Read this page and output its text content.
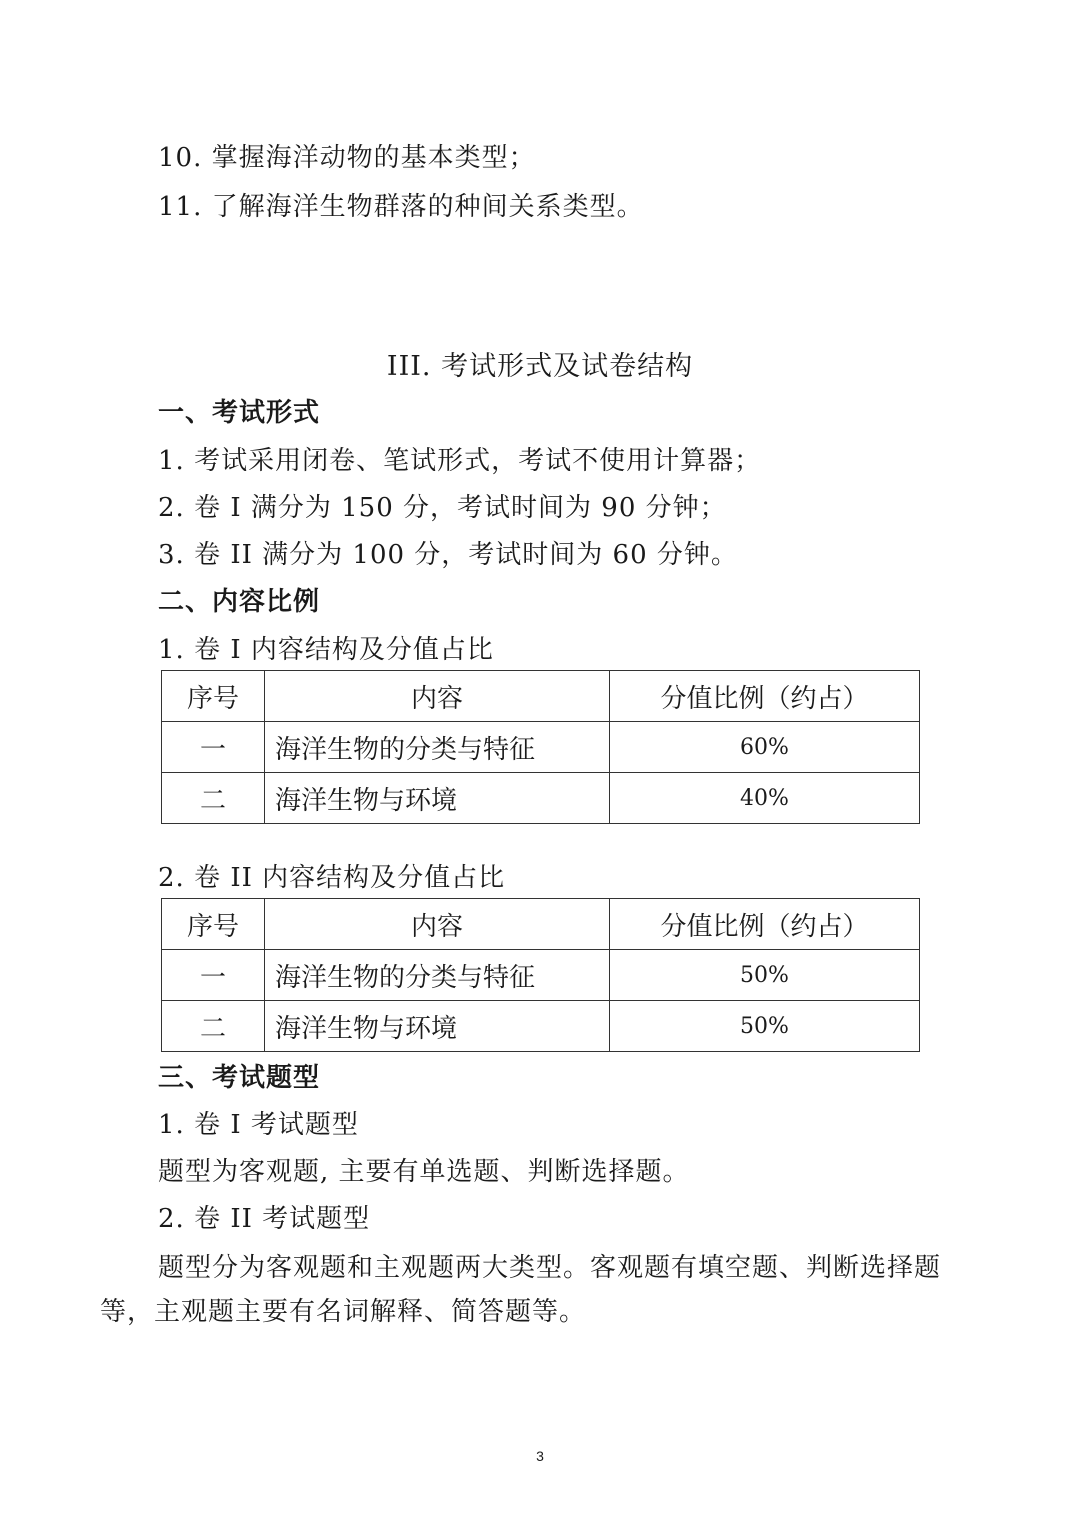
10. 掌握海洋动物的基本类型；
11. 了解海洋生物群落的种间关系类型。
III. 考试形式及试卷结构
一、考试形式
1. 考试采用闭卷、笔试形式，考试不使用计算器；
2. 卷 I 满分为 150 分，考试时间为 90 分钟；
3. 卷 II 满分为 100 分，考试时间为 60 分钟。
二、内容比例
1. 卷 I 内容结构及分值占比
序号	内容	分值比例（约占）
一	海洋生物的分类与特征	60%
二	海洋生物与环境	40%
2. 卷 II 内容结构及分值占比
序号	内容	分值比例（约占）
一	海洋生物的分类与特征	50%
二	海洋生物与环境	50%
三、考试题型
1. 卷 I 考试题型
题型为客观题, 主要有单选题、判断选择题。
2. 卷 II 考试题型
题型分为客观题和主观题两大类型。客观题有填空题、判断选择题等，主观题主要有名词解释、简答题等。
3
